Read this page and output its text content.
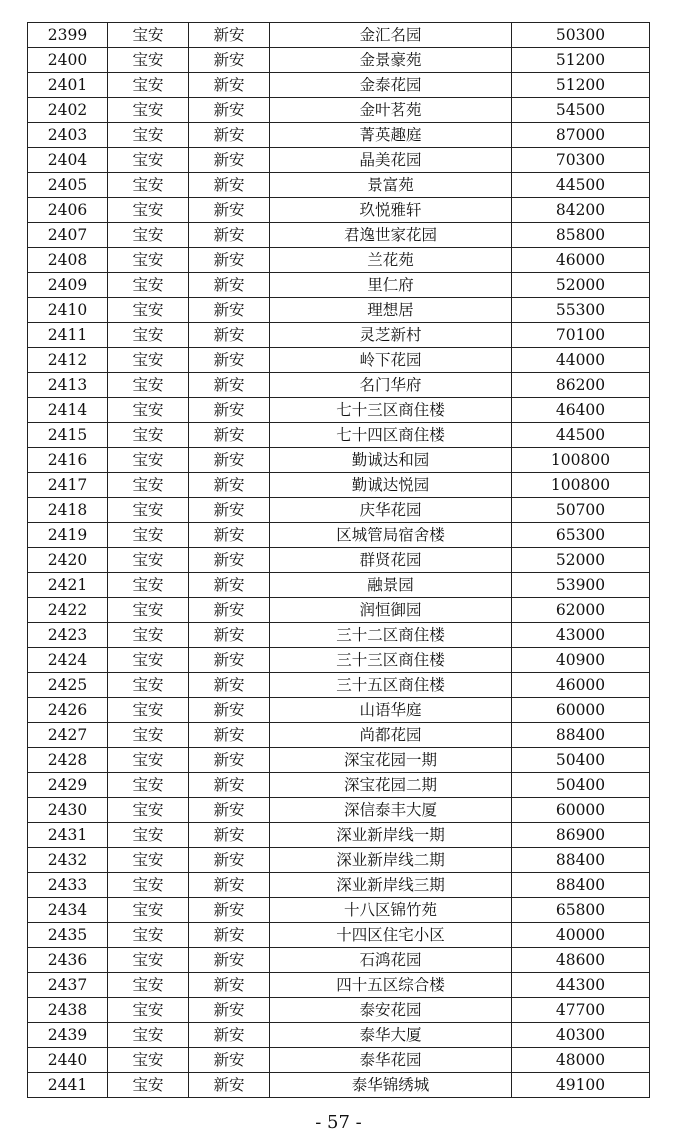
2399	宝安	新安	金汇名园	50300
2400	宝安	新安	金景豪苑	51200
2401	宝安	新安	金泰花园	51200
2402	宝安	新安	金叶茗苑	54500
2403	宝安	新安	菁英趣庭	87000
2404	宝安	新安	晶美花园	70300
2405	宝安	新安	景富苑	44500
2406	宝安	新安	玖悦雅轩	84200
2407	宝安	新安	君逸世家花园	85800
2408	宝安	新安	兰花苑	46000
2409	宝安	新安	里仁府	52000
2410	宝安	新安	理想居	55300
2411	宝安	新安	灵芝新村	70100
2412	宝安	新安	岭下花园	44000
2413	宝安	新安	名门华府	86200
2414	宝安	新安	七十三区商住楼	46400
2415	宝安	新安	七十四区商住楼	44500
2416	宝安	新安	勤诚达和园	100800
2417	宝安	新安	勤诚达悦园	100800
2418	宝安	新安	庆华花园	50700
2419	宝安	新安	区城管局宿舍楼	65300
2420	宝安	新安	群贤花园	52000
2421	宝安	新安	融景园	53900
2422	宝安	新安	润恒御园	62000
2423	宝安	新安	三十二区商住楼	43000
2424	宝安	新安	三十三区商住楼	40900
2425	宝安	新安	三十五区商住楼	46000
2426	宝安	新安	山语华庭	60000
2427	宝安	新安	尚都花园	88400
2428	宝安	新安	深宝花园一期	50400
2429	宝安	新安	深宝花园二期	50400
2430	宝安	新安	深信泰丰大厦	60000
2431	宝安	新安	深业新岸线一期	86900
2432	宝安	新安	深业新岸线二期	88400
2433	宝安	新安	深业新岸线三期	88400
2434	宝安	新安	十八区锦竹苑	65800
2435	宝安	新安	十四区住宅小区	40000
2436	宝安	新安	石鸿花园	48600
2437	宝安	新安	四十五区综合楼	44300
2438	宝安	新安	泰安花园	47700
2439	宝安	新安	泰华大厦	40300
2440	宝安	新安	泰华花园	48000
2441	宝安	新安	泰华锦绣城	49100
- 57 -
